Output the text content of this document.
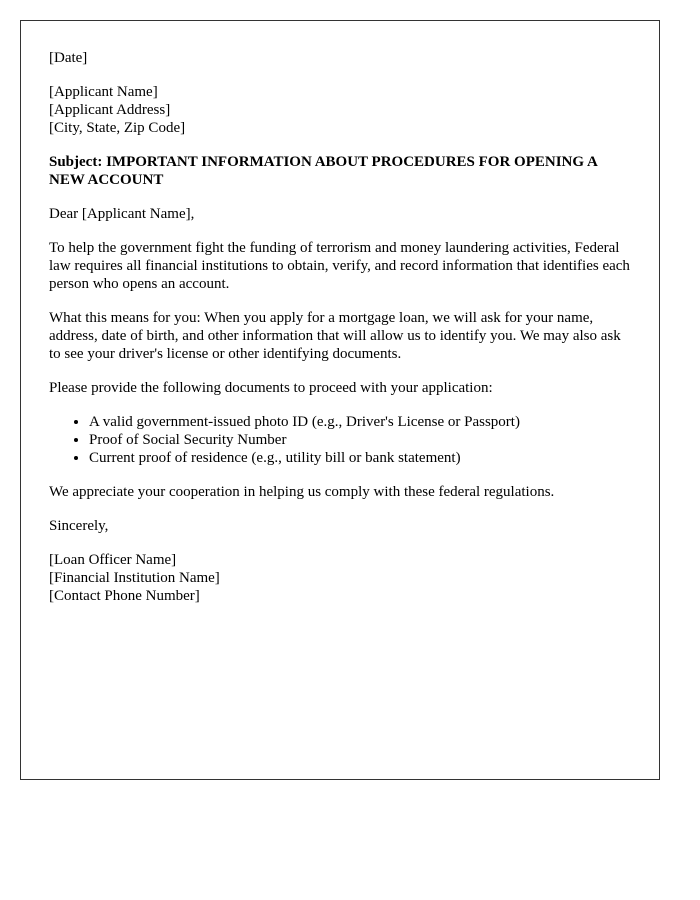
[Date]
[Applicant Name]
[Applicant Address]
[City, State, Zip Code]
Subject: IMPORTANT INFORMATION ABOUT PROCEDURES FOR OPENING A NEW ACCOUNT

Dear [Applicant Name],

To help the government fight the funding of terrorism and money laundering activities, Federal law requires all financial institutions to obtain, verify, and record information that identifies each person who opens an account.

What this means for you: When you apply for a mortgage loan, we will ask for your name, address, date of birth, and other information that will allow us to identify you. We may also ask to see your driver's license or other identifying documents.

Please provide the following documents to proceed with your application:

• A valid government-issued photo ID (e.g., Driver's License or Passport)
• Proof of Social Security Number
• Current proof of residence (e.g., utility bill or bank statement)

We appreciate your cooperation in helping us comply with these federal regulations.

Sincerely,

[Loan Officer Name]
[Financial Institution Name]
[Contact Phone Number]
